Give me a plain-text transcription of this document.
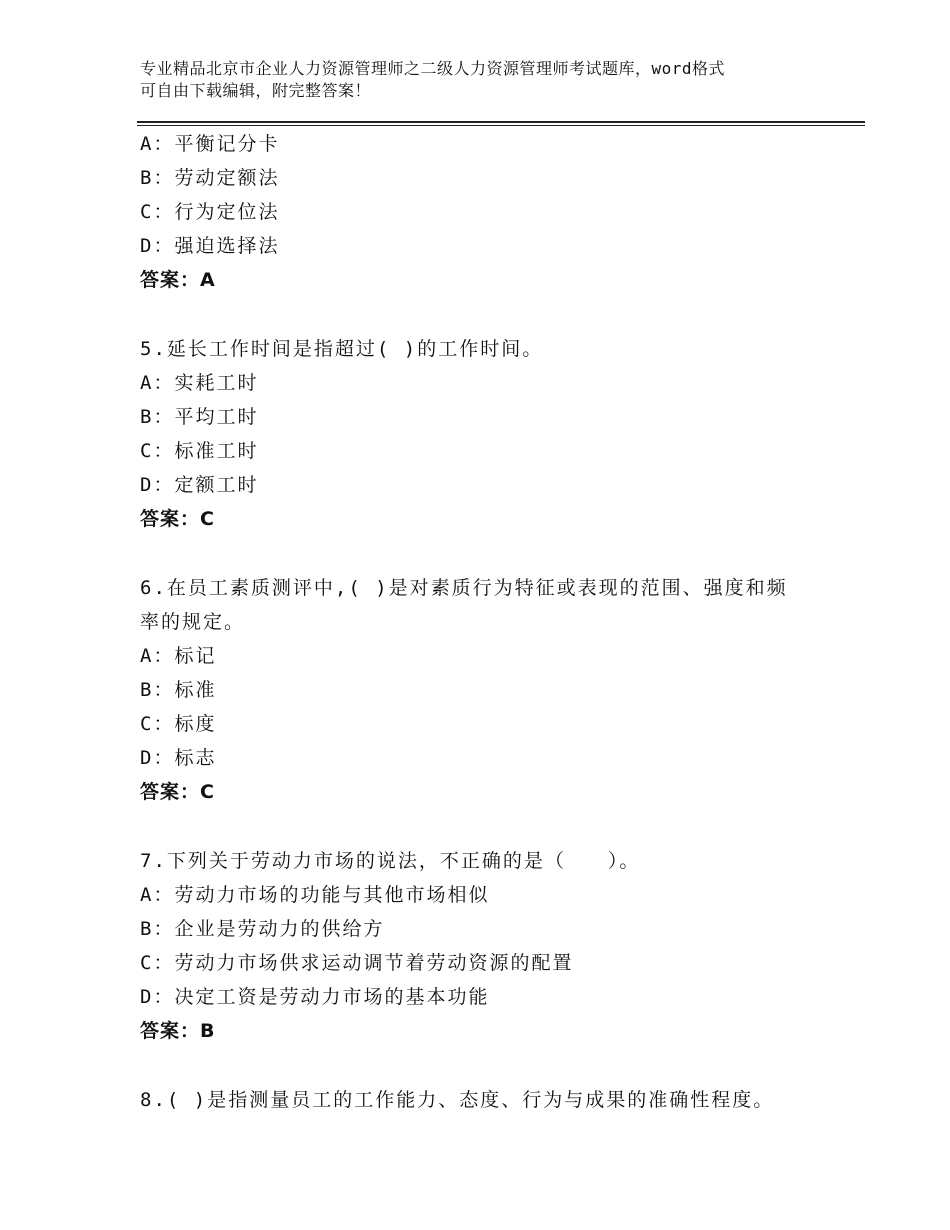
专业精品北京市企业人力资源管理师之二级人力资源管理师考试题库，word格式
可自由下载编辑，附完整答案！
A：平衡记分卡
B：劳动定额法
C：行为定位法
D：强迫选择法
答案：A
5.延长工作时间是指超过( )的工作时间。
A：实耗工时
B：平均工时
C：标准工时
D：定额工时
答案：C
6.在员工素质测评中,( )是对素质行为特征或表现的范围、强度和频
率的规定。
A：标记
B：标准
C：标度
D：标志
答案：C
7.下列关于劳动力市场的说法，不正确的是（　　）。
A：劳动力市场的功能与其他市场相似
B：企业是劳动力的供给方
C：劳动力市场供求运动调节着劳动资源的配置
D：决定工资是劳动力市场的基本功能
答案：B
8.( )是指测量员工的工作能力、态度、行为与成果的准确性程度。
